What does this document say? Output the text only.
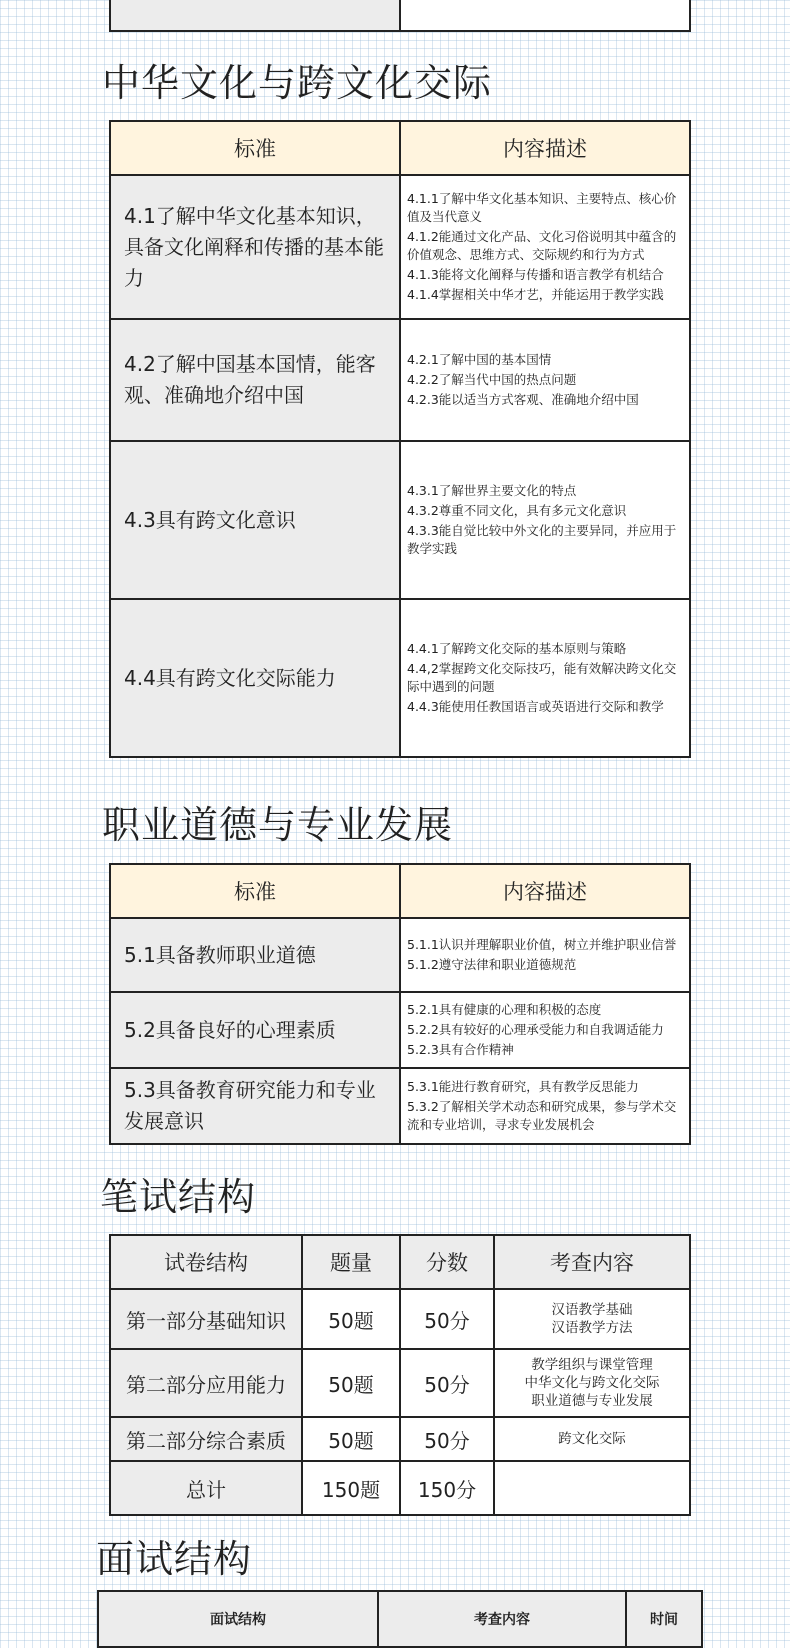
中华文化与跨文化交际
标准	内容描述
4.1了解中华文化基本知识，具备文化阐释和传播的基本能力	4.1.1了解中华文化基本知识、主要特点、核心价值及当代意义
4.1.2能通过文化产品、文化习俗说明其中蕴含的价值观念、思维方式、交际规约和行为方式
4.1.3能将文化阐释与传播和语言教学有机结合
4.1.4掌握相关中华才艺，并能运用于教学实践

4.2了解中国基本国情，能客观、准确地介绍中国	4.2.1了解中国的基本国情
4.2.2了解当代中国的热点问题
4.2.3能以适当方式客观、准确地介绍中国

4.3具有跨文化意识	4.3.1了解世界主要文化的特点
4.3.2尊重不同文化，具有多元文化意识
4.3.3能自觉比较中外文化的主要异同，并应用于教学实践

4.4具有跨文化交际能力	4.4.1了解跨文化交际的基本原则与策略
4.4,2掌握跨文化交际技巧，能有效解决跨文化交际中遇到的问题
4.4.3能使用任教国语言或英语进行交际和教学
职业道德与专业发展
标准	内容描述
5.1具备教师职业道德	5.1.1认识并理解职业价值，树立并维护职业信誉
5.1.2遵守法律和职业道德规范

5.2具备良好的心理素质	5.2.1具有健康的心理和积极的态度
5.2.2具有较好的心理承受能力和自我调适能力
5.2.3具有合作精神

5.3具备教育研究能力和专业发展意识	5.3.1能进行教育研究，具有教学反思能力
5.3.2了解相关学术动态和研究成果，参与学术交流和专业培训，寻求专业发展机会
笔试结构
试卷结构	题量	分数	考查内容
第一部分基础知识	50题	50分	汉语教学基础
汉语教学方法

第二部分应用能力	50题	50分	教学组织与课堂管理
中华文化与跨文化交际
职业道德与专业发展

第二部分综合素质	50题	50分	跨文化交际

总计	150题	150分	
面试结构
面试结构	考查内容	时间
